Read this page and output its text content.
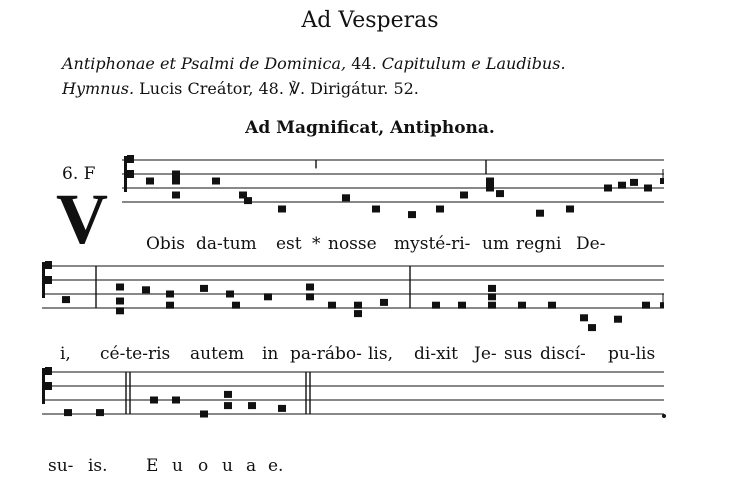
Ad Vesperas
Antiphonae et Psalmi de Dominica, 44. Capitulum e Laudibus.
Hymnus. Lucis Creátor, 48. ℣. Dirigátur. 52.
Ad Magnificat, Antiphona.
6. F
V Obis da-tum est * nosse mysté-ri- um regni De-
i, cé-te-ris autem in pa-rábo- lis, di-xit Je- sus discí- pu-lis
su- is. E u o u a e.
